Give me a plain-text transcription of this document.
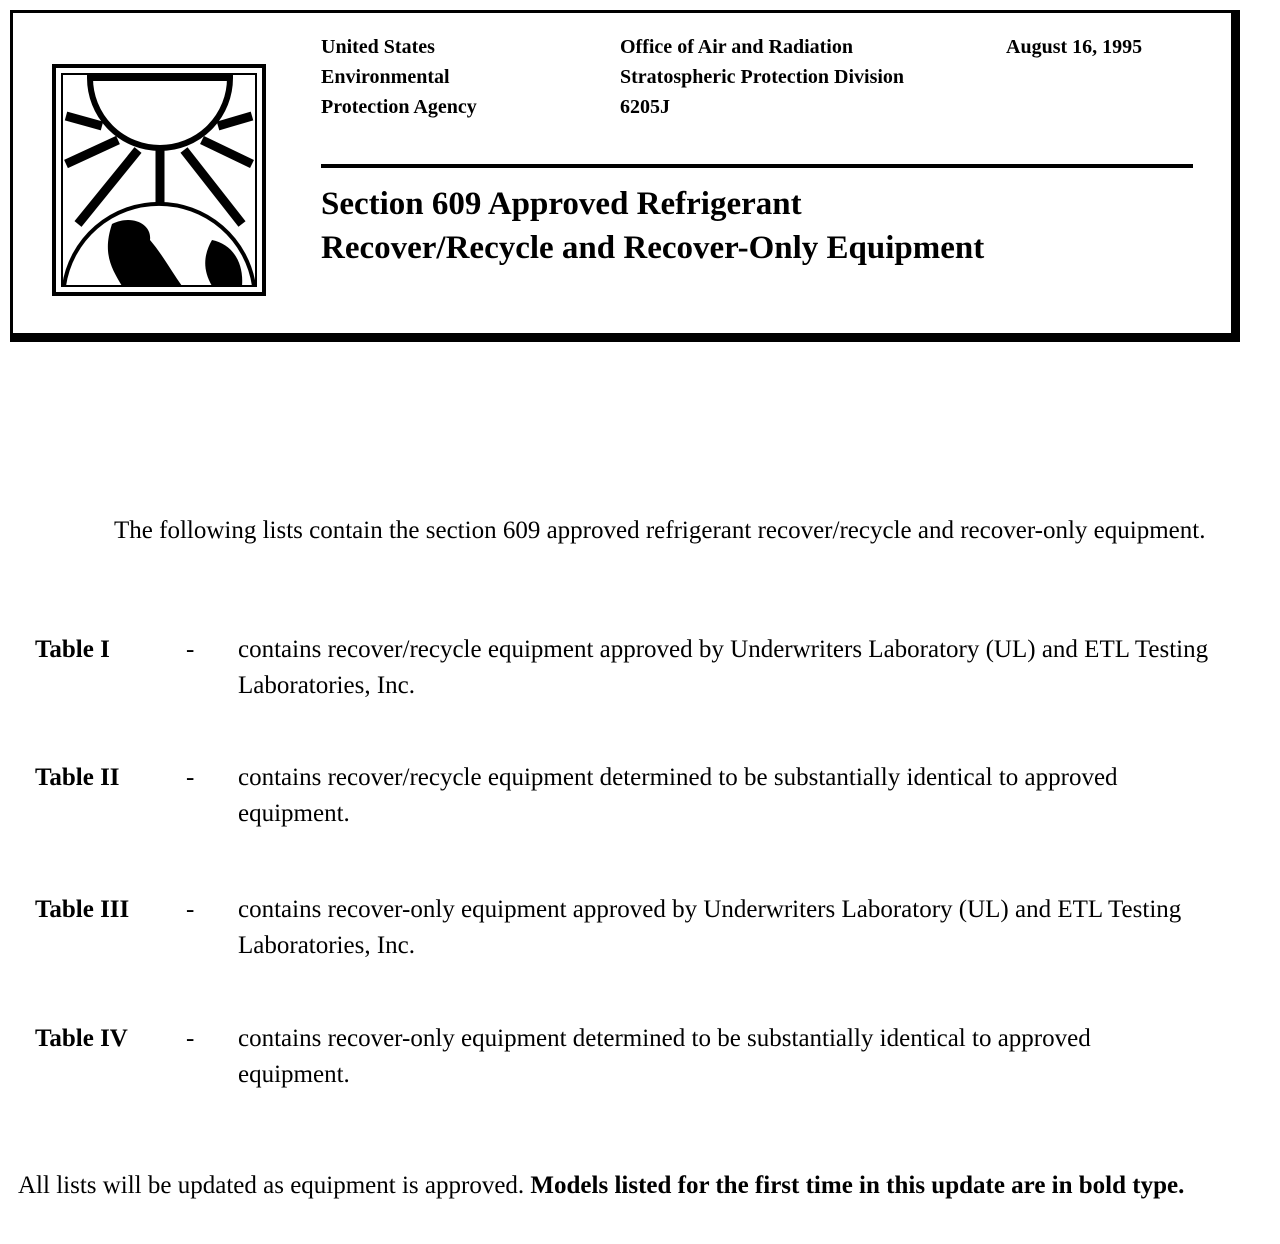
United States
Environmental
Protection Agency
Office of Air and Radiation
Stratospheric Protection Division
6205J
August 16, 1995
Section 609 Approved Refrigerant
Recover/Recycle and Recover-Only Equipment
The following lists contain the section 609 approved refrigerant recover/recycle and recover-only equipment.
Table I	- contains recover/recycle equipment approved by Underwriters Laboratory (UL) and ETL Testing Laboratories, Inc.
Table II	- contains recover/recycle equipment determined to be substantially identical to approved equipment.
Table III - contains recover-only equipment approved by Underwriters Laboratory (UL) and ETL Testing Laboratories, Inc.
Table IV - contains recover-only equipment determined to be substantially identical to approved equipment.
All lists will be updated as equipment is approved. Models listed for the first time in this update are in bold type.
